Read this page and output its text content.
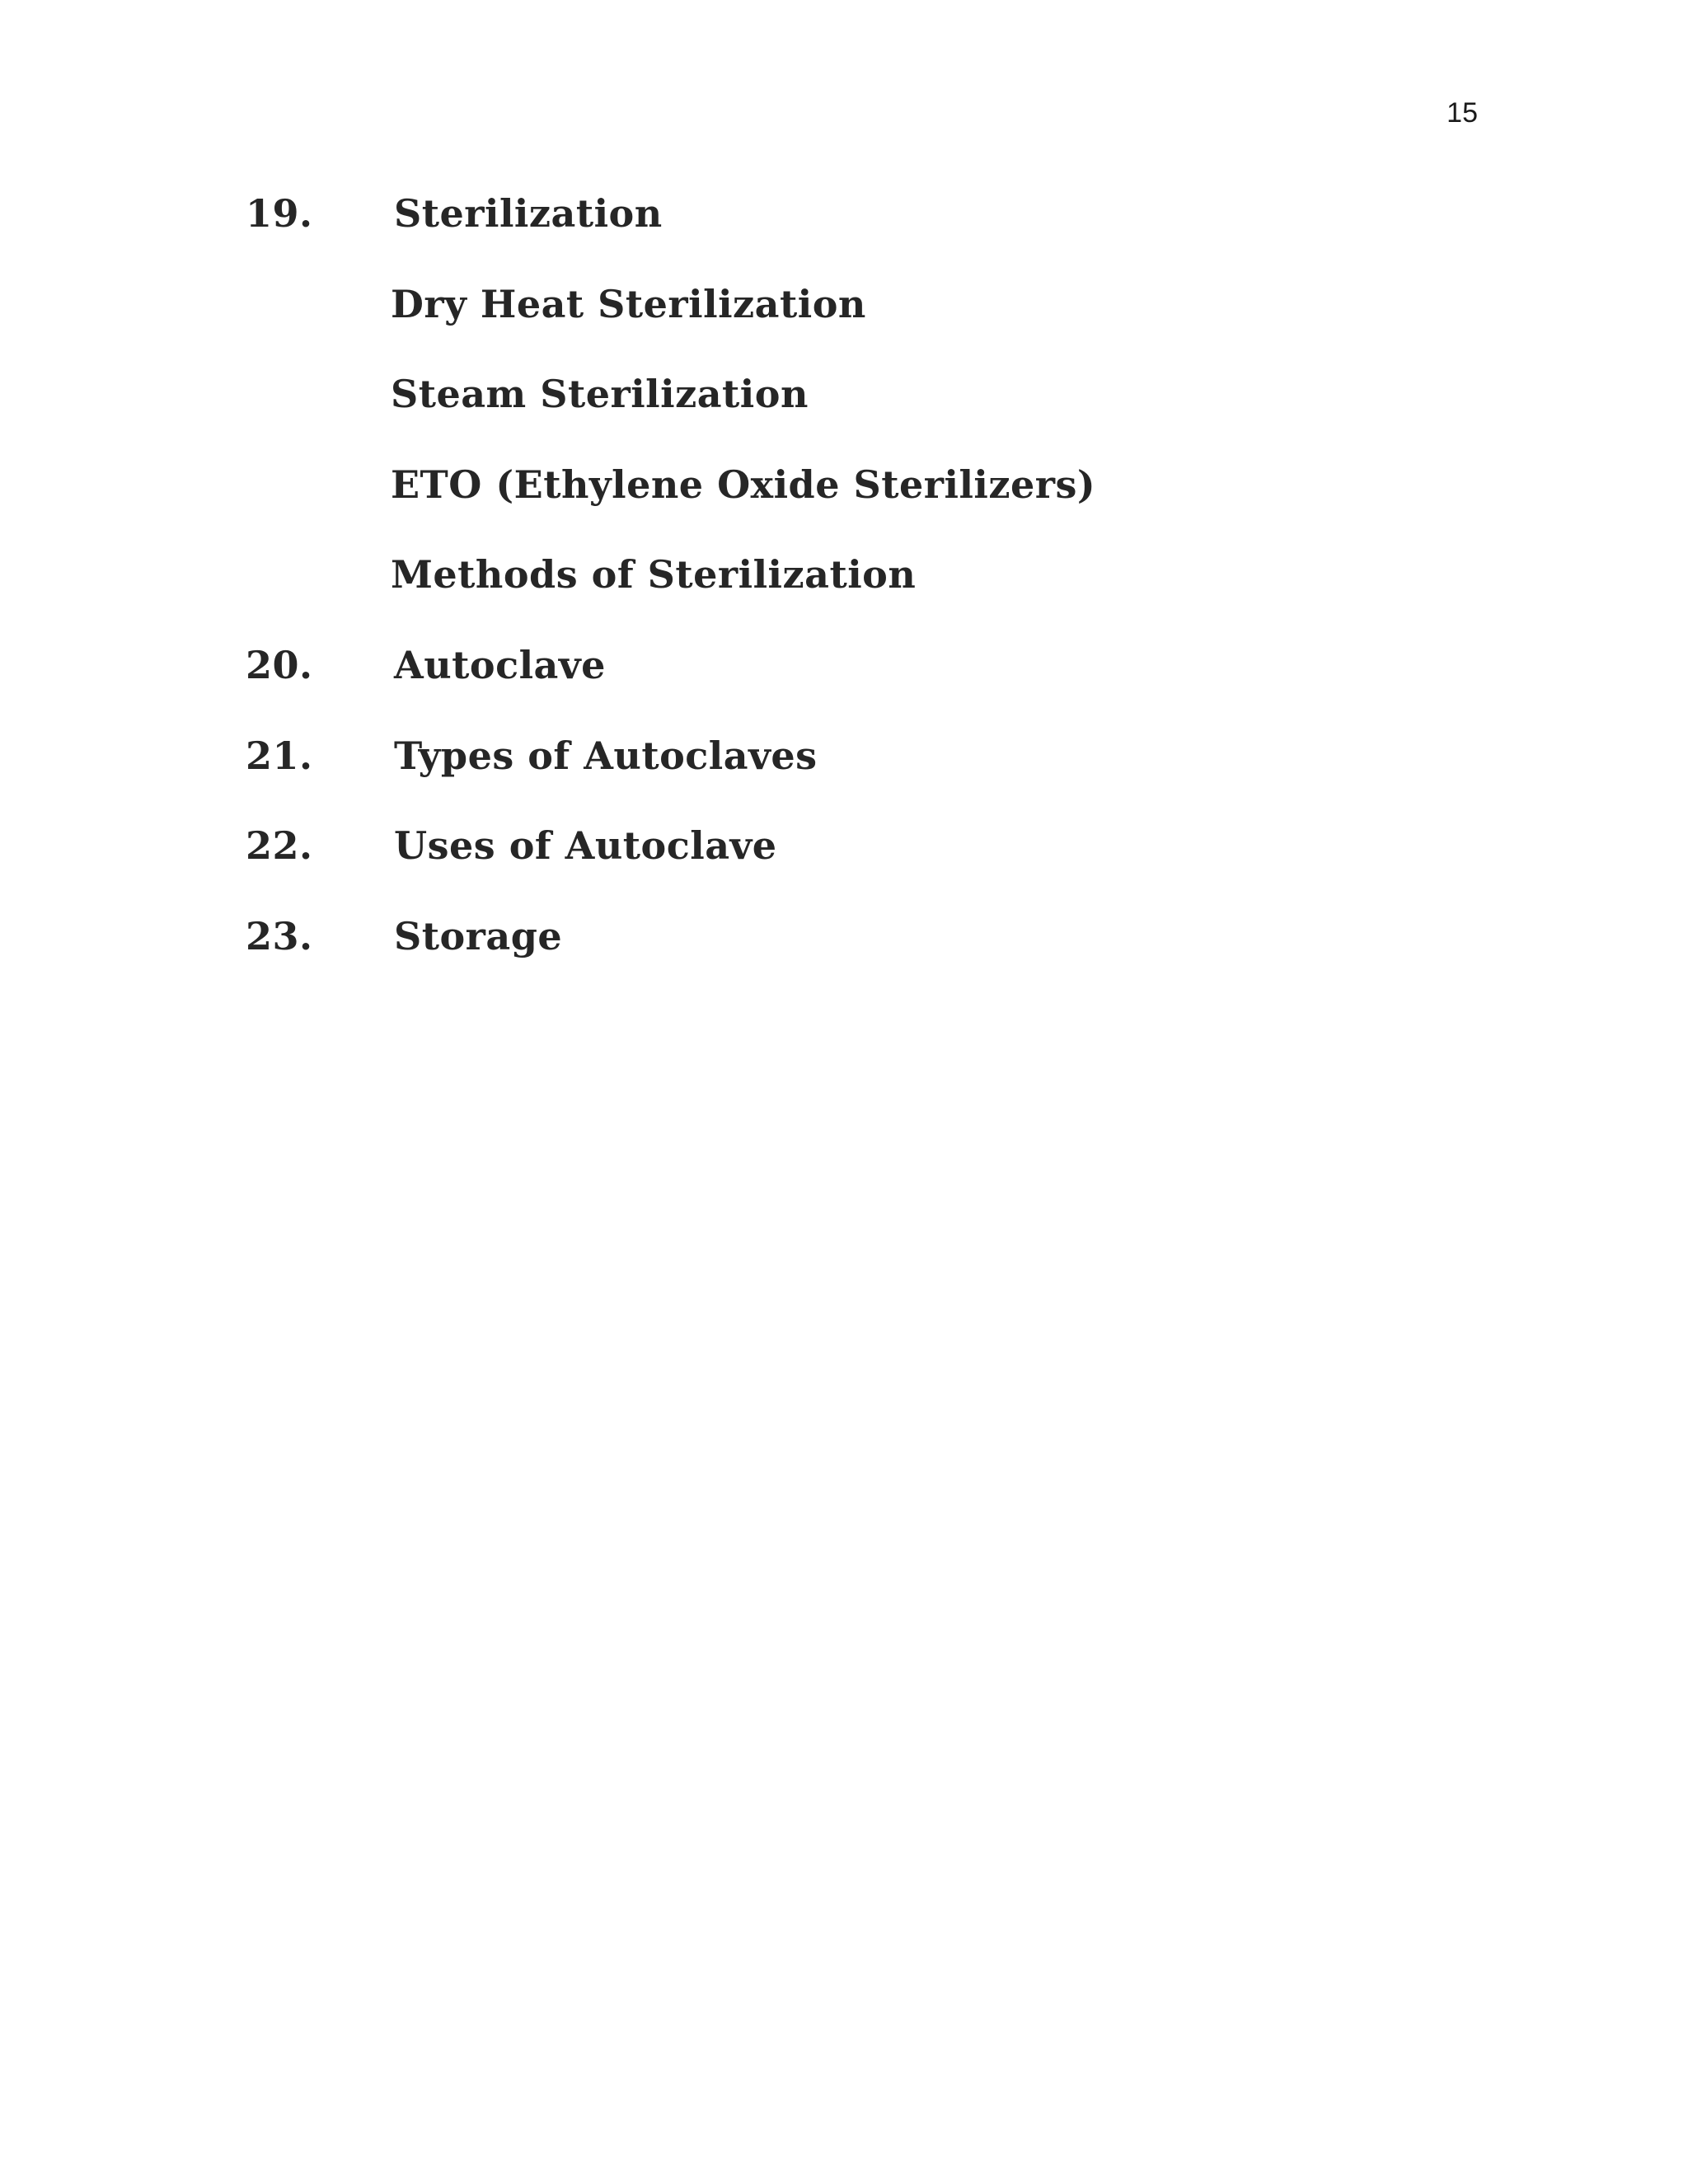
15
19. Sterilization
Dry Heat Sterilization
Steam Sterilization
ETO (Ethylene Oxide Sterilizers)
Methods of Sterilization
20. Autoclave
21. Types of Autoclaves
22. Uses of Autoclave
23. Storage
